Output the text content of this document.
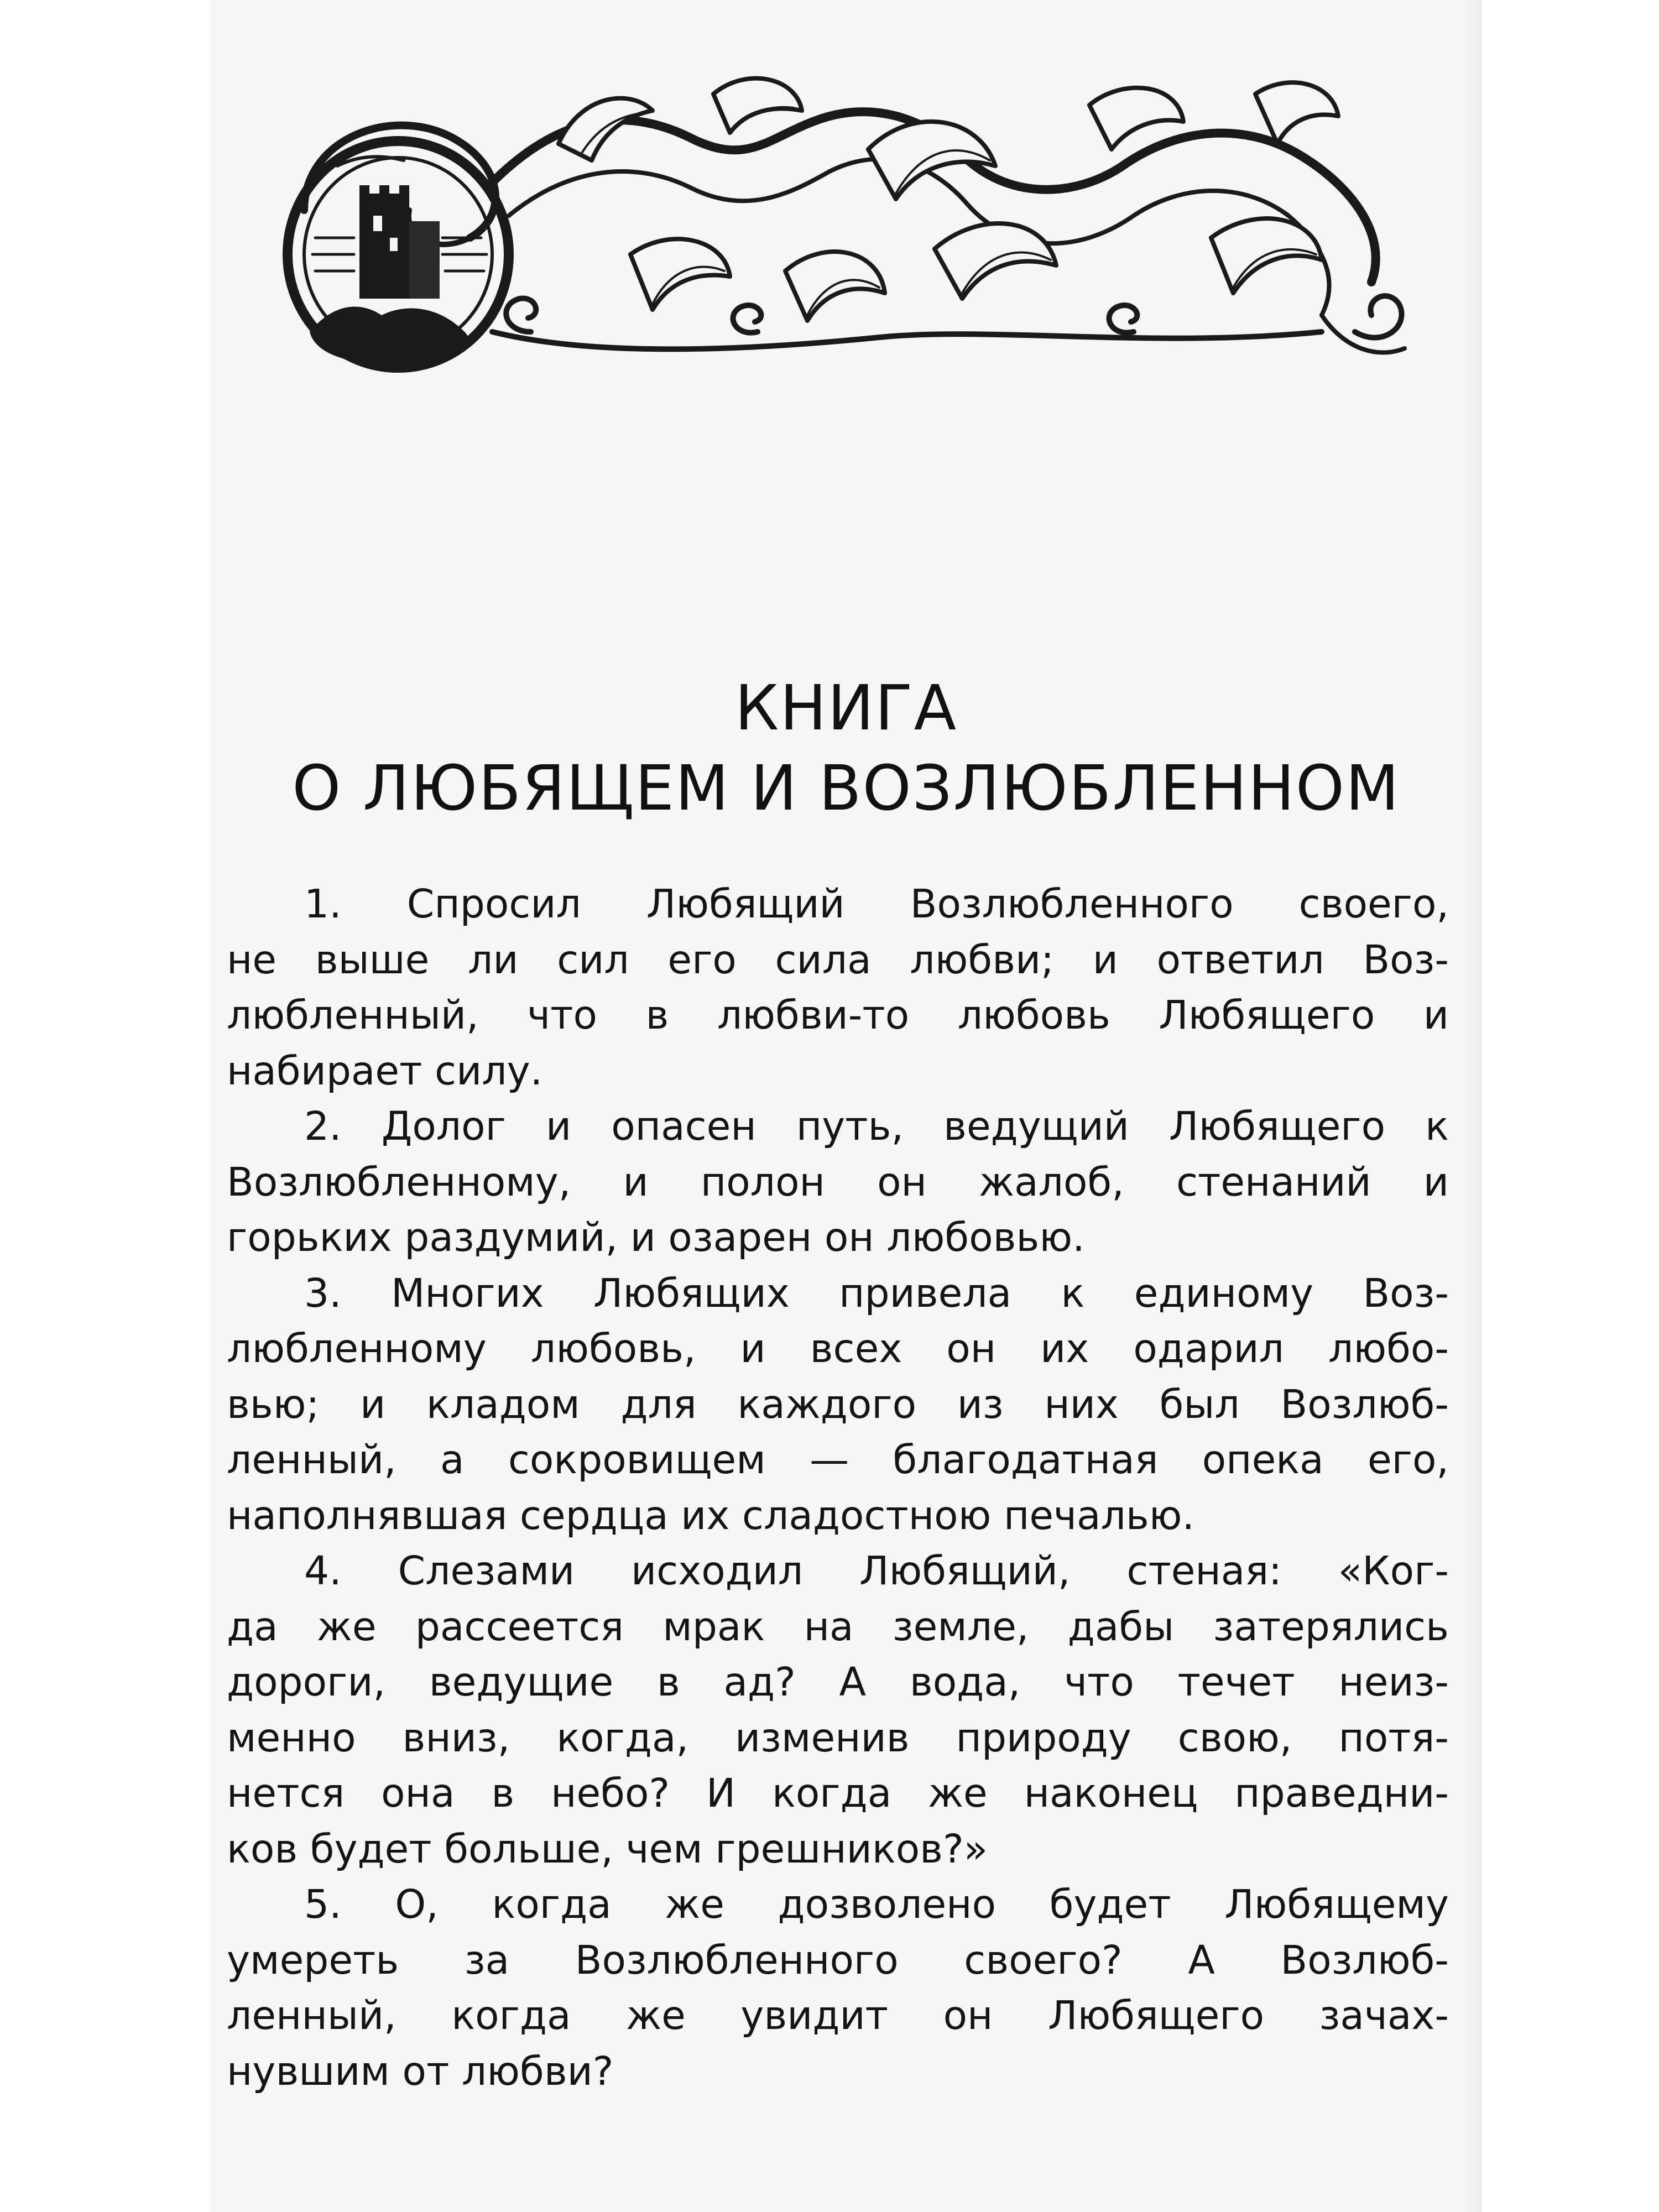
КНИГА
О ЛЮБЯЩЕМ И ВОЗЛЮБЛЕННОМ
1. Спросил Любящий Возлюбленного своего,
не выше ли сил его сила любви; и ответил Воз-
любленный, что в любви-то любовь Любящего и
набирает силу.
2. Долог и опасен путь, ведущий Любящего к
Возлюбленному, и полон он жалоб, стенаний и
горьких раздумий, и озарен он любовью.
3. Многих Любящих привела к единому Воз-
любленному любовь, и всех он их одарил любо-
вью; и кладом для каждого из них был Возлюб-
ленный, а сокровищем — благодатная опека его,
наполнявшая сердца их сладостною печалью.
4. Слезами исходил Любящий, стеная: «Ког-
да же рассеется мрак на земле, дабы затерялись
дороги, ведущие в ад? А вода, что течет неиз-
менно вниз, когда, изменив природу свою, потя-
нется она в небо? И когда же наконец праведни-
ков будет больше, чем грешников?»
5. О, когда же дозволено будет Любящему
умереть за Возлюбленного своего? А Возлюб-
ленный, когда же увидит он Любящего зачах-
нувшим от любви?
